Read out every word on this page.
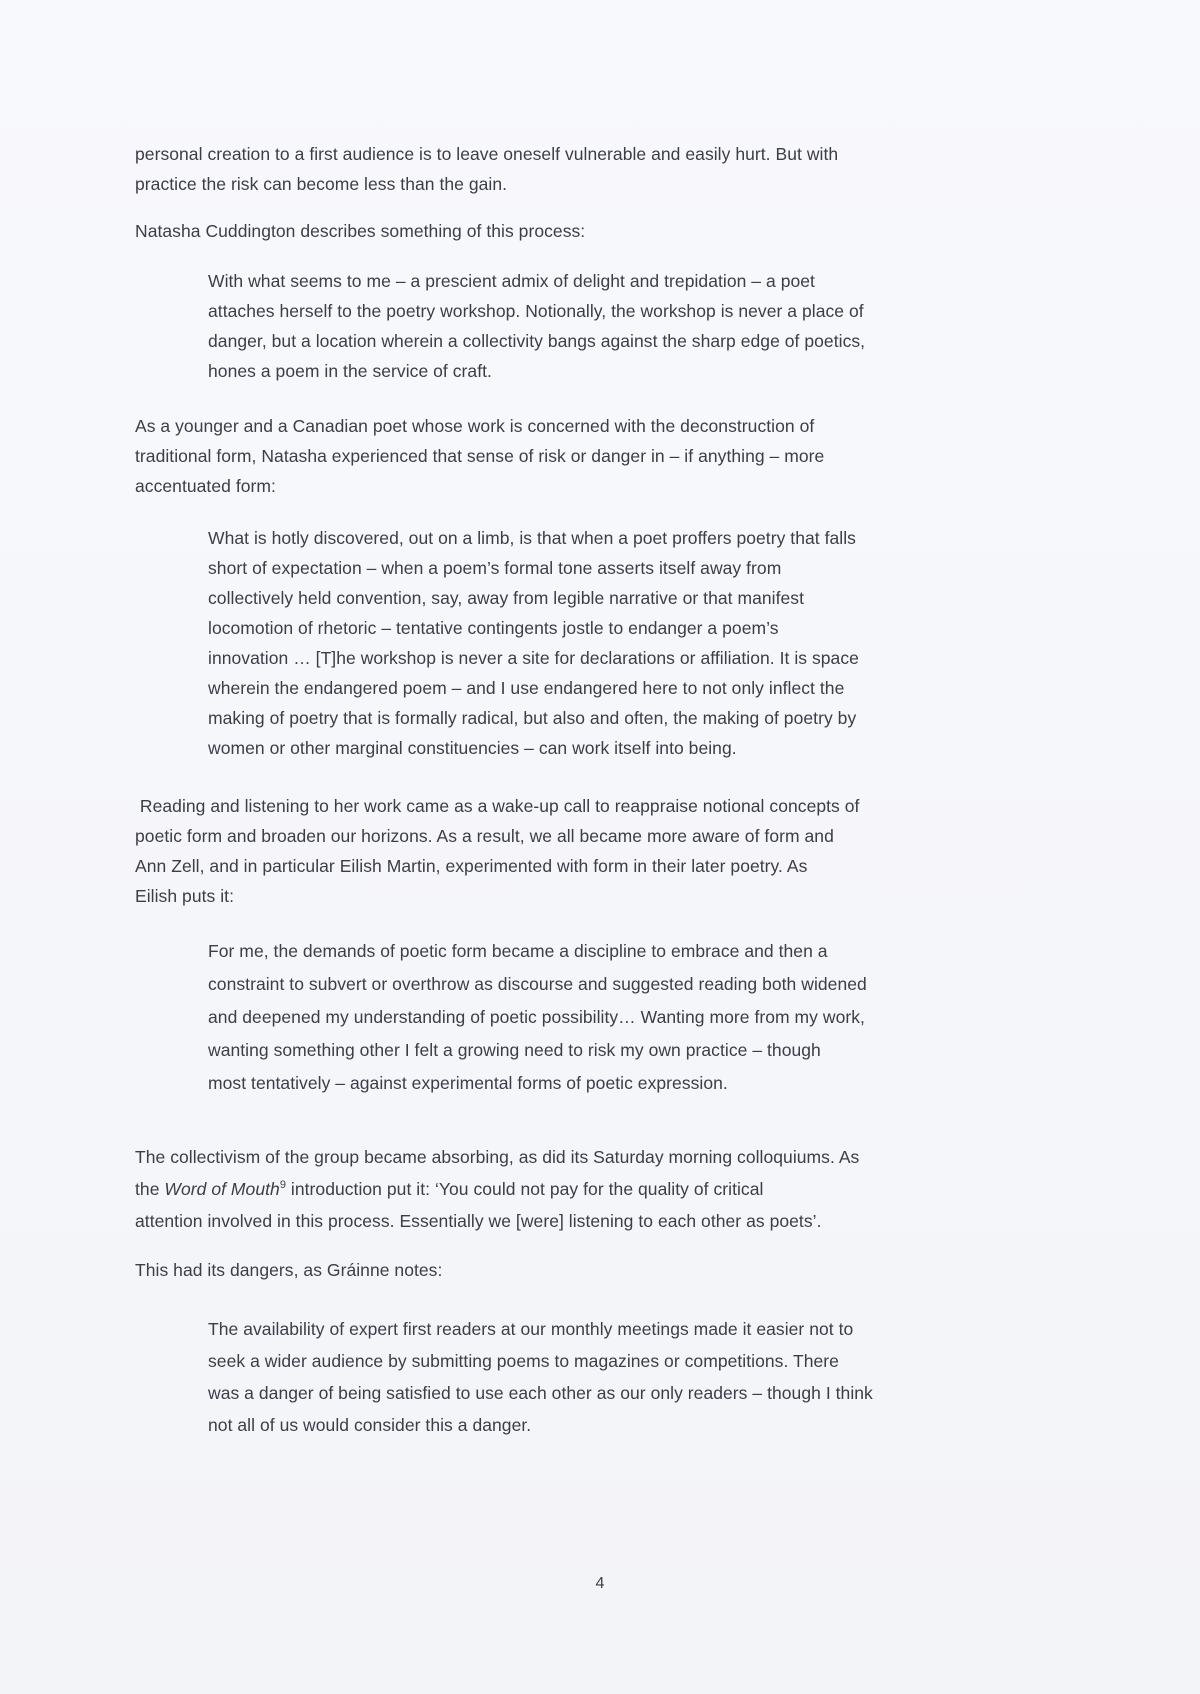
personal creation to a first audience is to leave oneself vulnerable and easily hurt. But with
practice the risk can become less than the gain.
Natasha Cuddington describes something of this process:
With what seems to me – a prescient admix of delight and trepidation – a poet
attaches herself to the poetry workshop. Notionally, the workshop is never a place of
danger, but a location wherein a collectivity bangs against the sharp edge of poetics,
hones a poem in the service of craft.
As a younger and a Canadian poet whose work is concerned with the deconstruction of
traditional form, Natasha experienced that sense of risk or danger in – if anything – more
accentuated form:
What is hotly discovered, out on a limb, is that when a poet proffers poetry that falls
short of expectation – when a poem’s formal tone asserts itself away from
collectively held convention, say, away from legible narrative or that manifest
locomotion of rhetoric – tentative contingents jostle to endanger a poem’s
innovation … [T]he workshop is never a site for declarations or affiliation. It is space
wherein the endangered poem – and I use endangered here to not only inflect the
making of poetry that is formally radical, but also and often, the making of poetry by
women or other marginal constituencies – can work itself into being.
Reading and listening to her work came as a wake-up call to reappraise notional concepts of
poetic form and broaden our horizons. As a result, we all became more aware of form and
Ann Zell, and in particular Eilish Martin, experimented with form in their later poetry. As
Eilish puts it:
For me, the demands of poetic form became a discipline to embrace and then a
constraint to subvert or overthrow as discourse and suggested reading both widened
and deepened my understanding of poetic possibility… Wanting more from my work,
wanting something other I felt a growing need to risk my own practice – though
most tentatively – against experimental forms of poetic expression.
The collectivism of the group became absorbing, as did its Saturday morning colloquiums. As
the Word of Mouth$^9$ introduction put it: ‘You could not pay for the quality of critical
attention involved in this process. Essentially we [were] listening to each other as poets’.
This had its dangers, as Gráinne notes:
The availability of expert first readers at our monthly meetings made it easier not to
seek a wider audience by submitting poems to magazines or competitions. There
was a danger of being satisfied to use each other as our only readers – though I think
not all of us would consider this a danger.
4
